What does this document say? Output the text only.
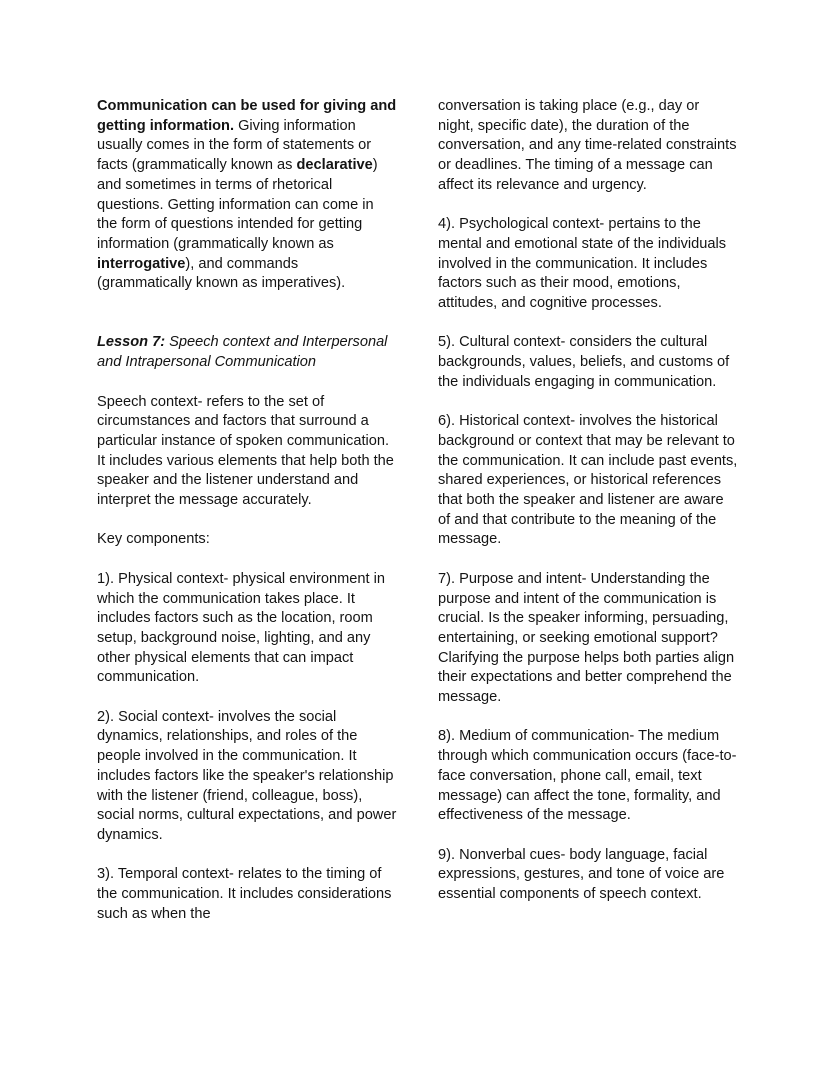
Communication can be used for giving and getting information. Giving information usually comes in the form of statements or facts (grammatically known as declarative) and sometimes in terms of rhetorical questions. Getting information can come in the form of questions intended for getting information (grammatically known as interrogative), and commands (grammatically known as imperatives).

Lesson 7: Speech context and Interpersonal and Intrapersonal Communication

Speech context- refers to the set of circumstances and factors that surround a particular instance of spoken communication. It includes various elements that help both the speaker and the listener understand and interpret the message accurately.

Key components:

1). Physical context- physical environment in which the communication takes place. It includes factors such as the location, room setup, background noise, lighting, and any other physical elements that can impact communication.

2). Social context- involves the social dynamics, relationships, and roles of the people involved in the communication. It includes factors like the speaker's relationship with the listener (friend, colleague, boss), social norms, cultural expectations, and power dynamics.

3). Temporal context- relates to the timing of the communication. It includes considerations such as when the

conversation is taking place (e.g., day or night, specific date), the duration of the conversation, and any time-related constraints or deadlines. The timing of a message can affect its relevance and urgency.

4). Psychological context- pertains to the mental and emotional state of the individuals involved in the communication. It includes factors such as their mood, emotions, attitudes, and cognitive processes.

5). Cultural context- considers the cultural backgrounds, values, beliefs, and customs of the individuals engaging in communication.

6). Historical context- involves the historical background or context that may be relevant to the communication. It can include past events, shared experiences, or historical references that both the speaker and listener are aware of and that contribute to the meaning of the message.

7). Purpose and intent- Understanding the purpose and intent of the communication is crucial. Is the speaker informing, persuading, entertaining, or seeking emotional support? Clarifying the purpose helps both parties align their expectations and better comprehend the message.

8). Medium of communication- The medium through which communication occurs (face-to-face conversation, phone call, email, text message) can affect the tone, formality, and effectiveness of the message.

9). Nonverbal cues- body language, facial expressions, gestures, and tone of voice are essential components of speech context.
